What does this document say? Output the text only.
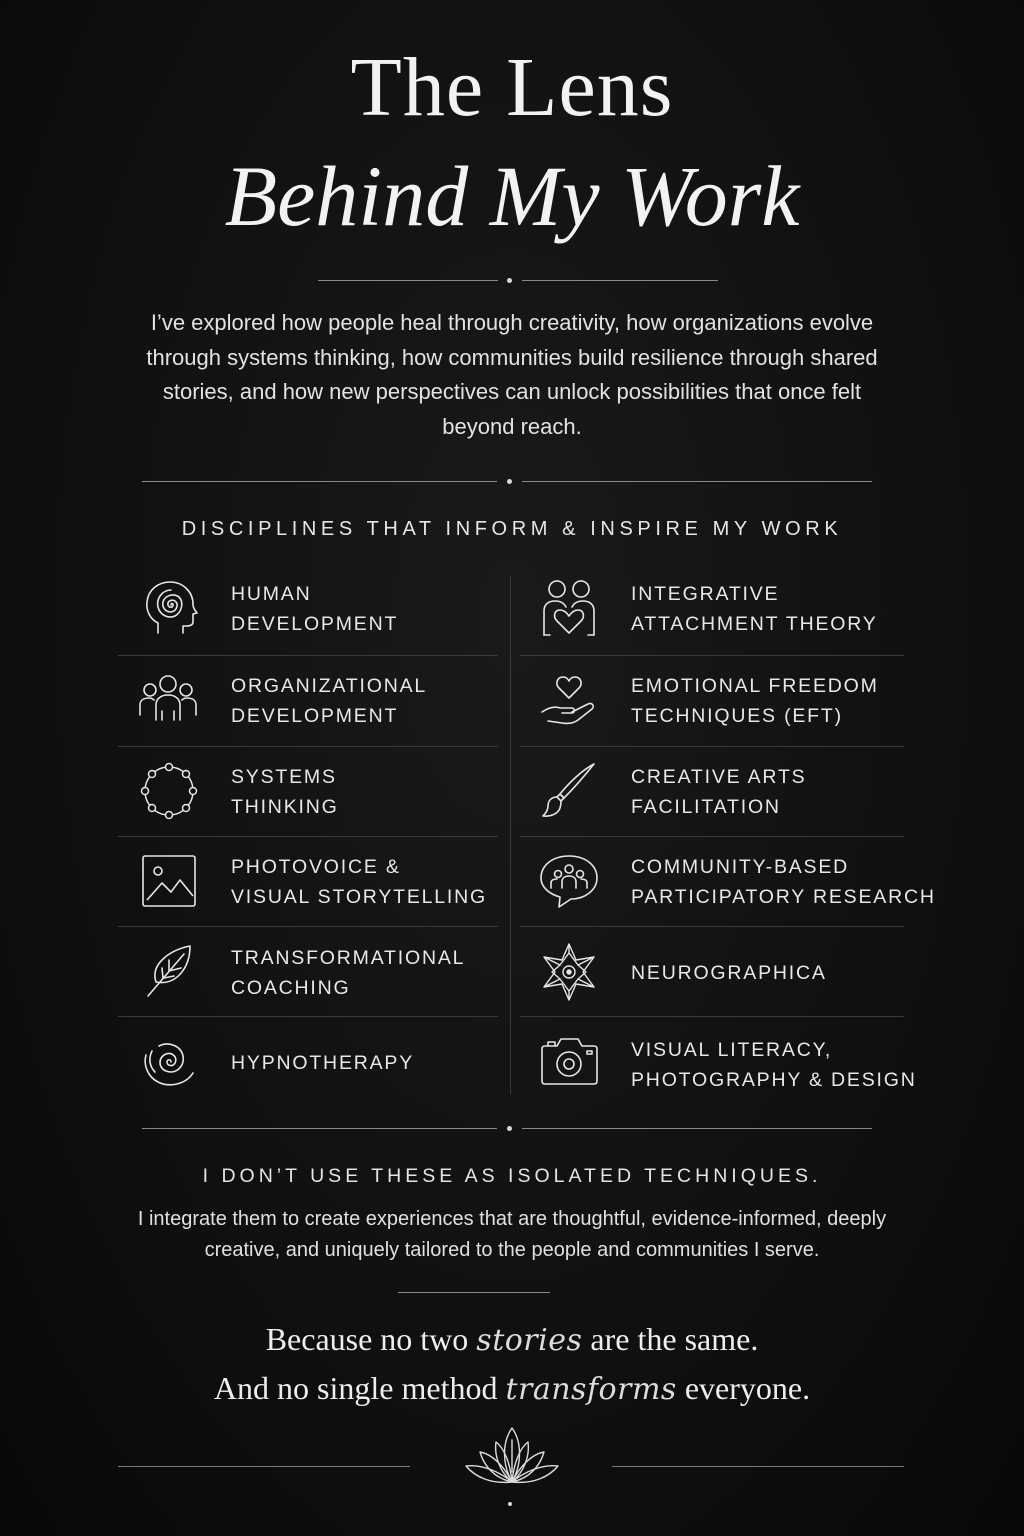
The Lens
Behind My Work
I’ve explored how people heal through creativity, how organizations evolve through systems thinking, how communities build resilience through shared stories, and how new perspectives can unlock possibilities that once felt beyond reach.
DISCIPLINES THAT INFORM & INSPIRE MY WORK
HUMAN
DEVELOPMENT
ORGANIZATIONAL
DEVELOPMENT
SYSTEMS
THINKING
PHOTOVOICE &
VISUAL STORYTELLING
TRANSFORMATIONAL
COACHING
HYPNOTHERAPY
INTEGRATIVE
ATTACHMENT THEORY
EMOTIONAL FREEDOM
TECHNIQUES (EFT)
CREATIVE ARTS
FACILITATION
COMMUNITY-BASED
PARTICIPATORY RESEARCH
NEUROGRAPHICA
VISUAL LITERACY,
PHOTOGRAPHY & DESIGN
I DON’T USE THESE AS ISOLATED TECHNIQUES.
I integrate them to create experiences that are thoughtful, evidence-informed, deeply creative, and uniquely tailored to the people and communities I serve.
Because no two stories are the same.
And no single method transforms everyone.
